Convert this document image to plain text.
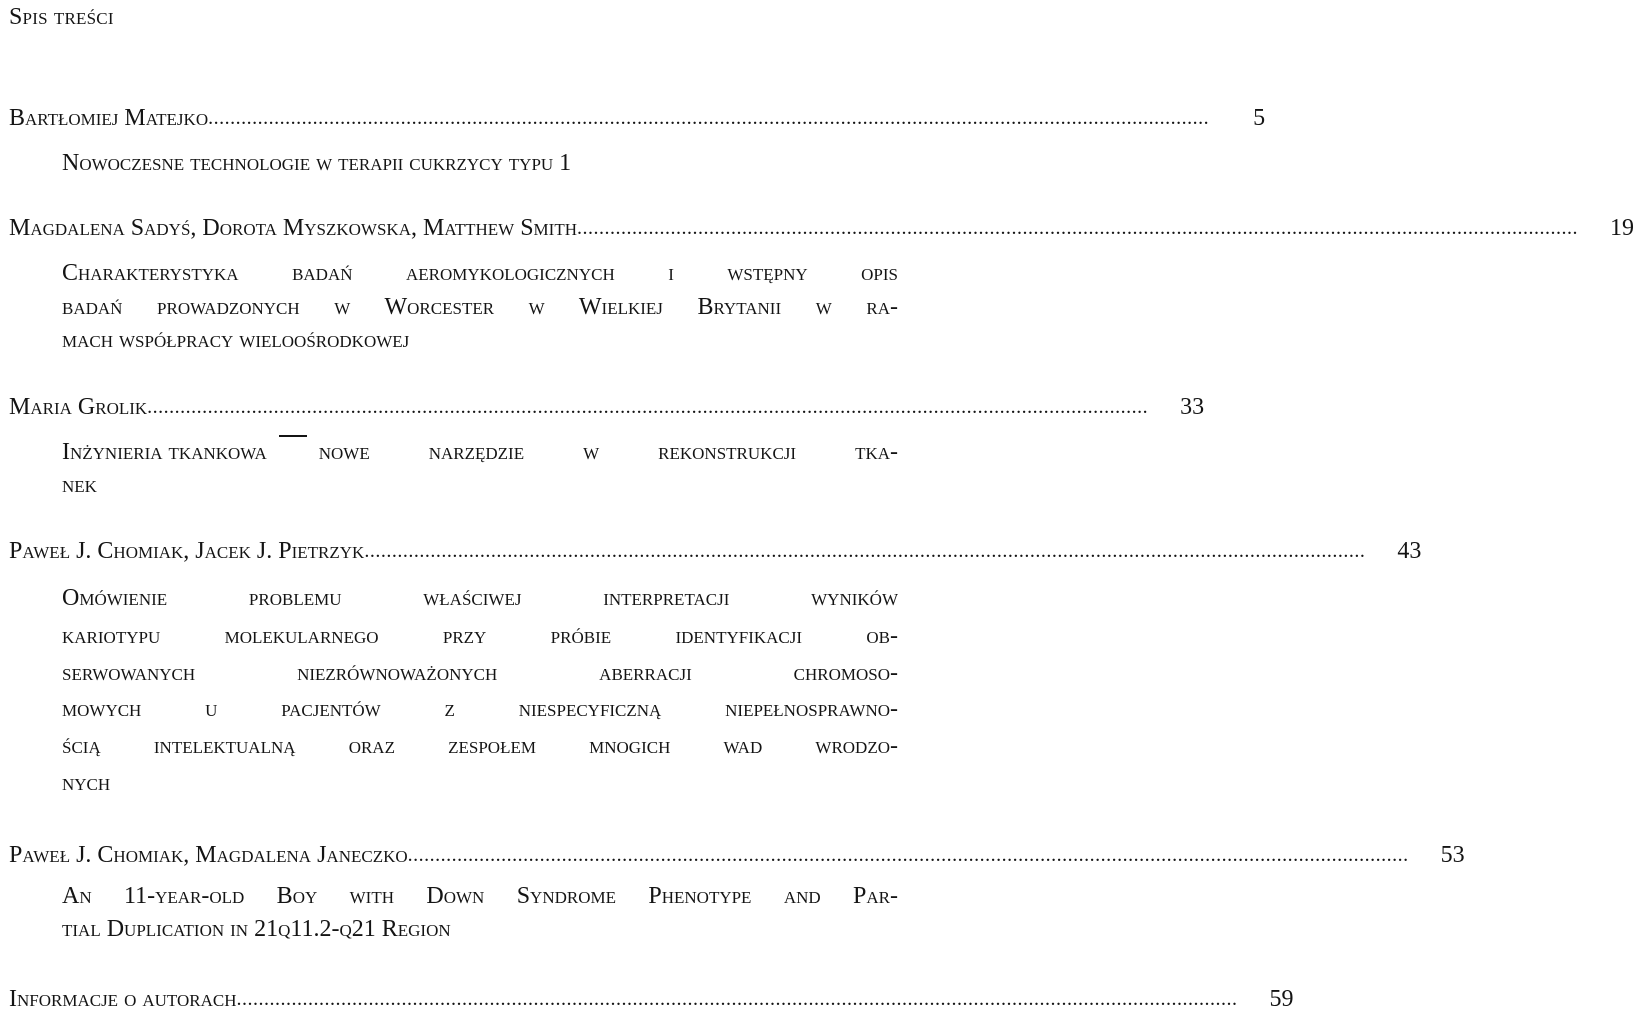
Spis treści
Bartłomiej Matejko ......................................................................................................................................................................................	5
Nowoczesne technologie w terapii cukrzycy typu 1
Magdalena Sadyś, Dorota Myszkowska, Matthew Smith ......................................................................................................................................................................................	19
Charakterystyka badań aeromykologicznych i wstępny opis
badań prowadzonych w Worcester w Wielkiej Brytanii w ra-
mach współpracy wieloośrodkowej
Maria Grolik ......................................................................................................................................................................................	33
Inżynieria tkankowa nowe narzędzie w rekonstrukcji tka-
nek
Paweł J. Chomiak, Jacek J. Pietrzyk ......................................................................................................................................................................................	43
Omówienie problemu właściwej interpretacji wyników
kariotypu molekularnego przy próbie identyfikacji ob-
serwowanych niezrównoważonych aberracji chromoso-
mowych u pacjentów z niespecyficzną niepełnosprawno-
ścią intelektualną oraz zespołem mnogich wad wrodzo-
nych
Paweł J. Chomiak, Magdalena Janeczko ......................................................................................................................................................................................	53
An 11-year-old Boy with Down Syndrome Phenotype and Par-
tial Duplication in 21q11.2-q21 Region
Informacje o autorach ......................................................................................................................................................................................	59
